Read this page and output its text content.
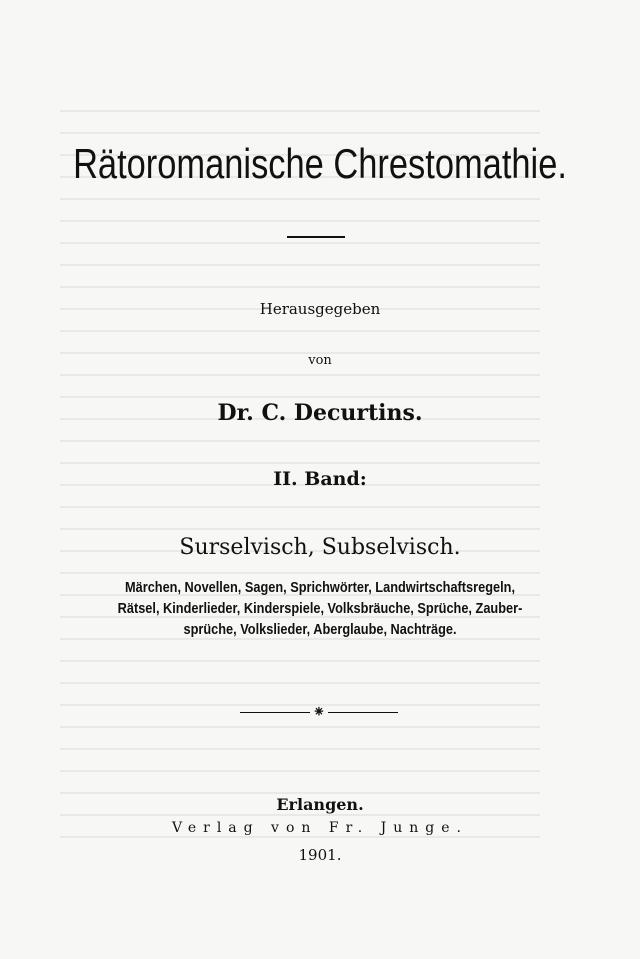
Rätoromanische Chrestomathie.
Herausgegeben
von
Dr. C. Decurtins.
II. Band:
Surselvisch, Subselvisch.
Märchen, Novellen, Sagen, Sprichwörter, Landwirtschaftsregeln,
Rätsel, Kinderlieder, Kinderspiele, Volksbräuche, Sprüche, Zauber-
sprüche, Volkslieder, Aberglaube, Nachträge.
⁕
Erlangen.
Verlag von Fr. Junge.
1901.
